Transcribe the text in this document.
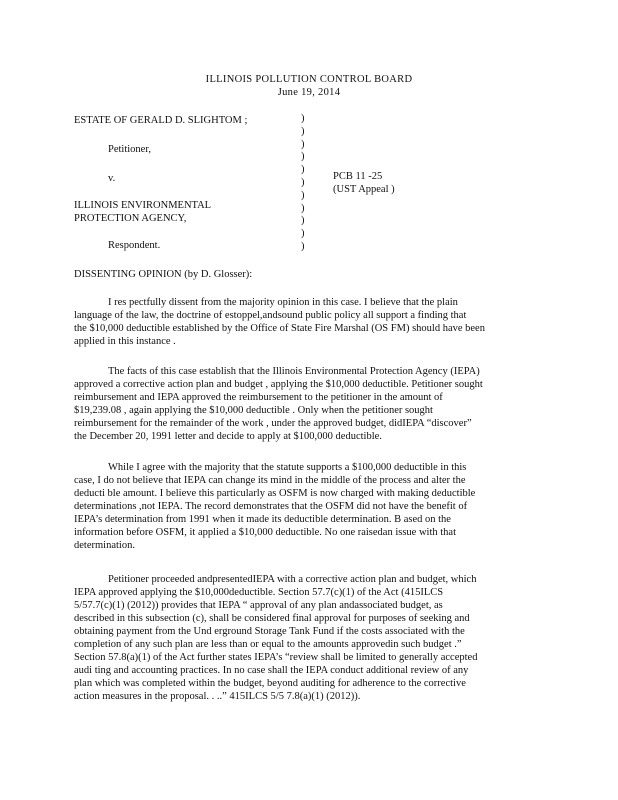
ILLINOIS POLLUTION CONTROL BOARD
June 19, 2014
ESTATE OF GERALD D. SLIGHTOM ;
Petitioner,
v.
ILLINOIS ENVIRONMENTAL
PROTECTION AGENCY,
Respondent.
)
)
)
)
)
)
)
)
)
)
)
PCB 11 -25
(UST Appeal )
DISSENTING OPINION (by D. Glosser):
I res pectfully dissent from the majority opinion in this case. I believe that the plain
language of the law, the doctrine of estoppel,andsound public policy all support a finding that
the $10,000 deductible established by the Office of State Fire Marshal (OS FM) should have been
applied in this instance .
The facts of this case establish that the Illinois Environmental Protection Agency (IEPA)
approved a corrective action plan and budget , applying the $10,000 deductible. Petitioner sought
reimbursement and IEPA approved the reimbursement to the petitioner in the amount of
$19,239.08 , again applying the $10,000 deductible . Only when the petitioner sought
reimbursement for the remainder of the work , under the approved budget, didIEPA “discover”
the December 20, 1991 letter and decide to apply at $100,000 deductible.
While I agree with the majority that the statute supports a $100,000 deductible in this
case, I do not believe that IEPA can change its mind in the middle of the process and alter the
deducti ble amount. I believe this particularly as OSFM is now charged with making deductible
determinations ,not IEPA. The record demonstrates that the OSFM did not have the benefit of
IEPA’s determination from 1991 when it made its deductible determination. B ased on the
information before OSFM, it applied a $10,000 deductible. No one raisedan issue with that
determination.
Petitioner proceeded andpresentedIEPA with a corrective action plan and budget, which
IEPA approved applying the $10,000deductible. Section 57.7(c)(1) of the Act (415ILCS
5/57.7(c)(1) (2012)) provides that IEPA “ approval of any plan andassociated budget, as
described in this subsection (c), shall be considered final approval for purposes of seeking and
obtaining payment from the Und erground Storage Tank Fund if the costs associated with the
completion of any such plan are less than or equal to the amounts approvedin such budget .”
Section 57.8(a)(1) of the Act further states IEPA’s “review shall be limited to generally accepted
audi ting and accounting practices. In no case shall the IEPA conduct additional review of any
plan which was completed within the budget, beyond auditing for adherence to the corrective
action measures in the proposal. . ..” 415ILCS 5/5 7.8(a)(1) (2012)).
